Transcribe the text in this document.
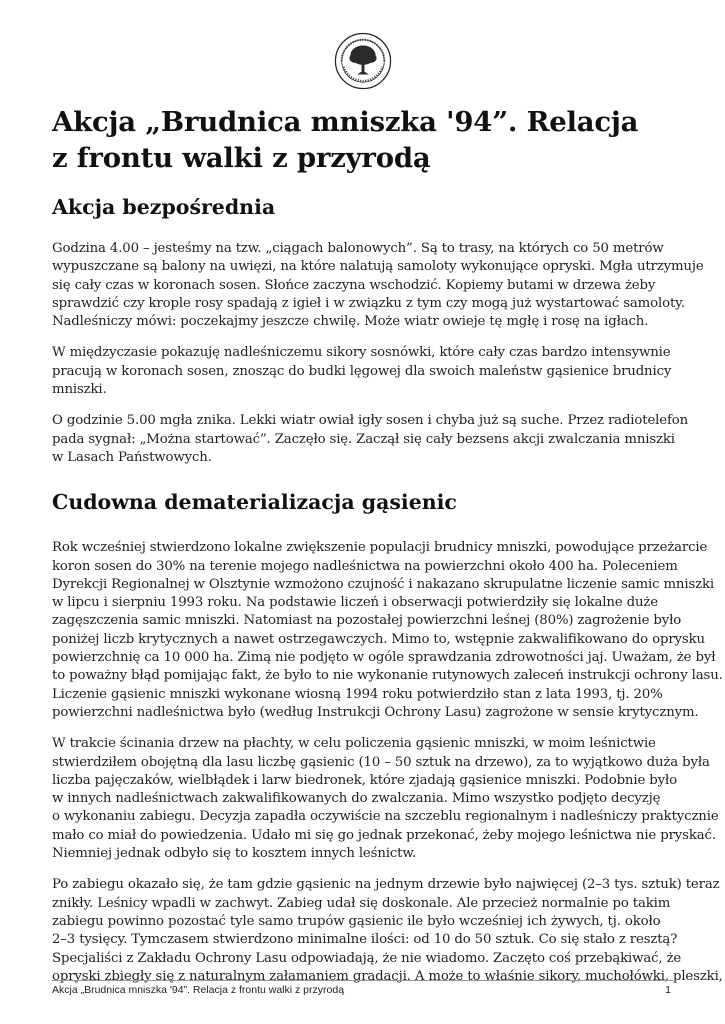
Akcja „Brudnica mniszka '94”. Relacja
z frontu walki z przyrodą
Akcja bezpośrednia

Godzina 4.00 – jesteśmy na tzw. „ciągach balonowych”. Są to trasy, na których co 50 metrów
wypuszczane są balony na uwięzi, na które nalatują samoloty wykonujące opryski. Mgła utrzymuje
się cały czas w koronach sosen. Słońce zaczyna wschodzić. Kopiemy butami w drzewa żeby
sprawdzić czy krople rosy spadają z igieł i w związku z tym czy mogą już wystartować samoloty.
Nadleśniczy mówi: poczekajmy jeszcze chwilę. Może wiatr owieje tę mgłę i rosę na igłach.

W międzyczasie pokazuję nadleśniczemu sikory sosnówki, które cały czas bardzo intensywnie
pracują w koronach sosen, znosząc do budki lęgowej dla swoich maleństw gąsienice brudnicy
mniszki.

O godzinie 5.00 mgła znika. Lekki wiatr owiał igły sosen i chyba już są suche. Przez radiotelefon
pada sygnał: „Można startować”. Zaczęło się. Zaczął się cały bezsens akcji zwalczania mniszki
w Lasach Państwowych.

Cudowna dematerializacja gąsienic

Rok wcześniej stwierdzono lokalne zwiększenie populacji brudnicy mniszki, powodujące przeżarcie
koron sosen do 30% na terenie mojego nadleśnictwa na powierzchni około 400 ha. Poleceniem
Dyrekcji Regionalnej w Olsztynie wzmożono czujność i nakazano skrupulatne liczenie samic mniszki
w lipcu i sierpniu 1993 roku. Na podstawie liczeń i obserwacji potwierdziły się lokalne duże
zagęszczenia samic mniszki. Natomiast na pozostałej powierzchni leśnej (80%) zagrożenie było
poniżej liczb krytycznych a nawet ostrzegawczych. Mimo to, wstępnie zakwalifikowano do oprysku
powierzchnię ca 10 000 ha. Zimą nie podjęto w ogóle sprawdzania zdrowotności jaj. Uważam, że był
to poważny błąd pomijając fakt, że było to nie wykonanie rutynowych zaleceń instrukcji ochrony lasu.
Liczenie gąsienic mniszki wykonane wiosną 1994 roku potwierdziło stan z lata 1993, tj. 20%
powierzchni nadleśnictwa było (według Instrukcji Ochrony Lasu) zagrożone w sensie krytycznym.

W trakcie ścinania drzew na płachty, w celu policzenia gąsienic mniszki, w moim leśnictwie
stwierdziłem obojętną dla lasu liczbę gąsienic (10 – 50 sztuk na drzewo), za to wyjątkowo duża była
liczba pajęczaków, wielbłądek i larw biedronek, które zjadają gąsienice mniszki. Podobnie było
w innych nadleśnictwach zakwalifikowanych do zwalczania. Mimo wszystko podjęto decyzję
o wykonaniu zabiegu. Decyzja zapadła oczywiście na szczeblu regionalnym i nadleśniczy praktycznie
mało co miał do powiedzenia. Udało mi się go jednak przekonać, żeby mojego leśnictwa nie pryskać.
Niemniej jednak odbyło się to kosztem innych leśnictw.

Po zabiegu okazało się, że tam gdzie gąsienic na jednym drzewie było najwięcej (2–3 tys. sztuk) teraz
znikły. Leśnicy wpadli w zachwyt. Zabieg udał się doskonale. Ale przecież normalnie po takim
zabiegu powinno pozostać tyle samo trupów gąsienic ile było wcześniej ich żywych, tj. około
2–3 tysięcy. Tymczasem stwierdzono minimalne ilości: od 10 do 50 sztuk. Co się stało z resztą?
Specjaliści z Zakładu Ochrony Lasu odpowiadają, że nie wiadomo. Zaczęto coś przebąkiwać, że
opryski zbiegły się z naturalnym załamaniem gradacji. A może to właśnie sikory, muchołówki, pleszki,

Akcja „Brudnica mniszka '94”. Relacja z frontu walki z przyrodą	1
